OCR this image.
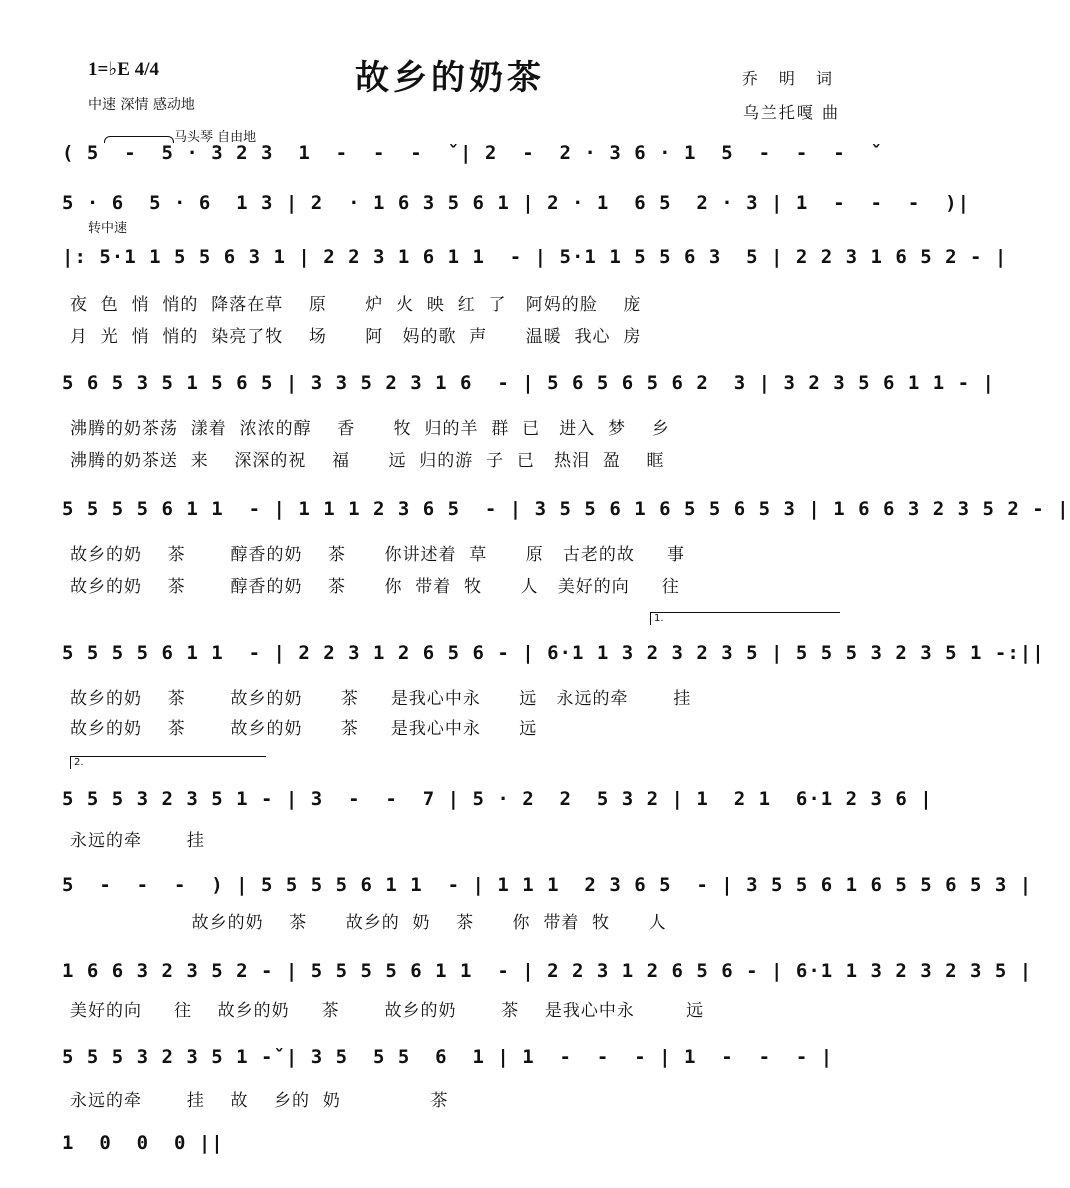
1=♭E 4/4
中速 深情 感动地
故乡的奶茶	乔 明 词
乌兰托嘎 曲
马头琴 自由地
转中速
1.
2.
( 5  -  5 · 3 2 3  1  -  -  -  ˇ| 2  -  2 · 3 6 · 1  5  -  -  -  ˇ
5 · 6  5 · 6  1 3 | 2  · 1 6 3 5 6 1 | 2 · 1  6 5  2 · 3 | 1  -  -  -  )|
|: 5·1 1 5 5 6 3 1 | 2 2 3 1 6 1 1  - | 5·1 1 5 5 6 3  5 | 2 2 3 1 6 5 2 - |
夜  色  悄  悄的  降落在草    原      炉  火  映  红  了   阿妈的脸    庞
月  光  悄  悄的  染亮了牧    场      阿   妈的歌  声      温暖  我心  房
5 6 5 3 5 1 5 6 5 | 3 3 5 2 3 1 6  - | 5 6 5 6 5 6 2  3 | 3 2 3 5 6 1 1 - |
沸腾的奶茶荡  漾着  浓浓的醇    香      牧  归的羊  群  已   进入  梦    乡
沸腾的奶茶送  来    深深的祝    福      远  归的游  子  已   热泪  盈    眶
5 5 5 5 6 1 1  - | 1 1 1 2 3 6 5  - | 3 5 5 6 1 6 5 5 6 5 3 | 1 6 6 3 2 3 5 2 - |
故乡的奶    茶       醇香的奶    茶      你讲述着  草      原   古老的故     事
故乡的奶    茶       醇香的奶    茶      你  带着  牧      人   美好的向     往
5 5 5 5 6 1 1  - | 2 2 3 1 2 6 5 6 - | 6·1 1 3 2 3 2 3 5 | 5 5 5 3 2 3 5 1 -:||
故乡的奶    茶       故乡的奶      茶     是我心中永      远   永远的牵       挂
故乡的奶    茶       故乡的奶      茶     是我心中永      远
5 5 5 3 2 3 5 1 - | 3  -  -  7 | 5 · 2  2  5 3 2 | 1  2 1  6·1 2 3 6 |
永远的牵       挂
5  -  -  -  ) | 5 5 5 5 6 1 1  - | 1 1 1  2 3 6 5  - | 3 5 5 6 1 6 5 5 6 5 3 |
故乡的奶    茶      故乡的  奶    茶      你  带着  牧      人
1 6 6 3 2 3 5 2 - | 5 5 5 5 6 1 1  - | 2 2 3 1 2 6 5 6 - | 6·1 1 3 2 3 2 3 5 |
美好的向     往    故乡的奶     茶       故乡的奶       茶    是我心中永        远
5 5 5 3 2 3 5 1 -ˇ| 3 5  5 5  6  1 | 1  -  -  - | 1  -  -  - |
永远的牵       挂    故    乡的  奶              茶
1  0  0  0 ||
